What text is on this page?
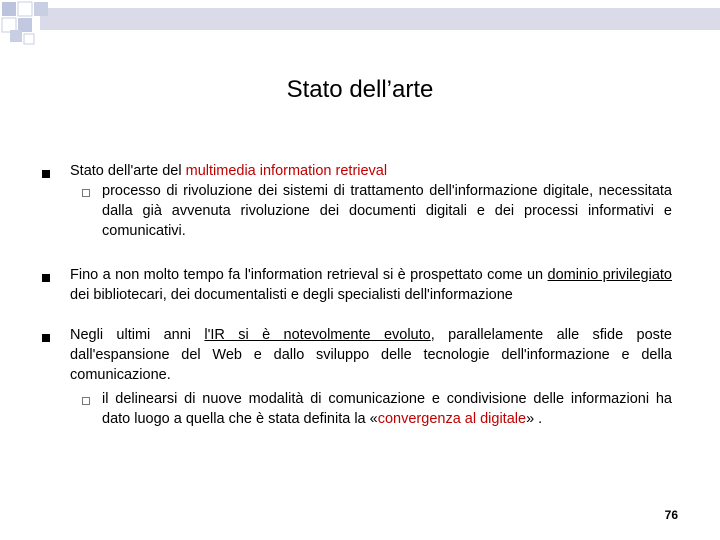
Stato dell’arte
Stato dell'arte del multimedia information retrieval
processo di rivoluzione dei sistemi di trattamento dell'informazione digitale, necessitata dalla già avvenuta rivoluzione dei documenti digitali e dei processi informativi e comunicativi.
Fino a non molto tempo fa l'information retrieval si è prospettato come un dominio privilegiato dei bibliotecari, dei documentalisti e degli specialisti dell'informazione
Negli ultimi anni l'IR si è notevolmente evoluto, parallelamente alle sfide poste dall'espansione del Web e dallo sviluppo delle tecnologie dell'informazione e della comunicazione.
il delinearsi di nuove modalità di comunicazione e condivisione delle informazioni ha dato luogo a quella che è stata definita la «convergenza al digitale» .
76
